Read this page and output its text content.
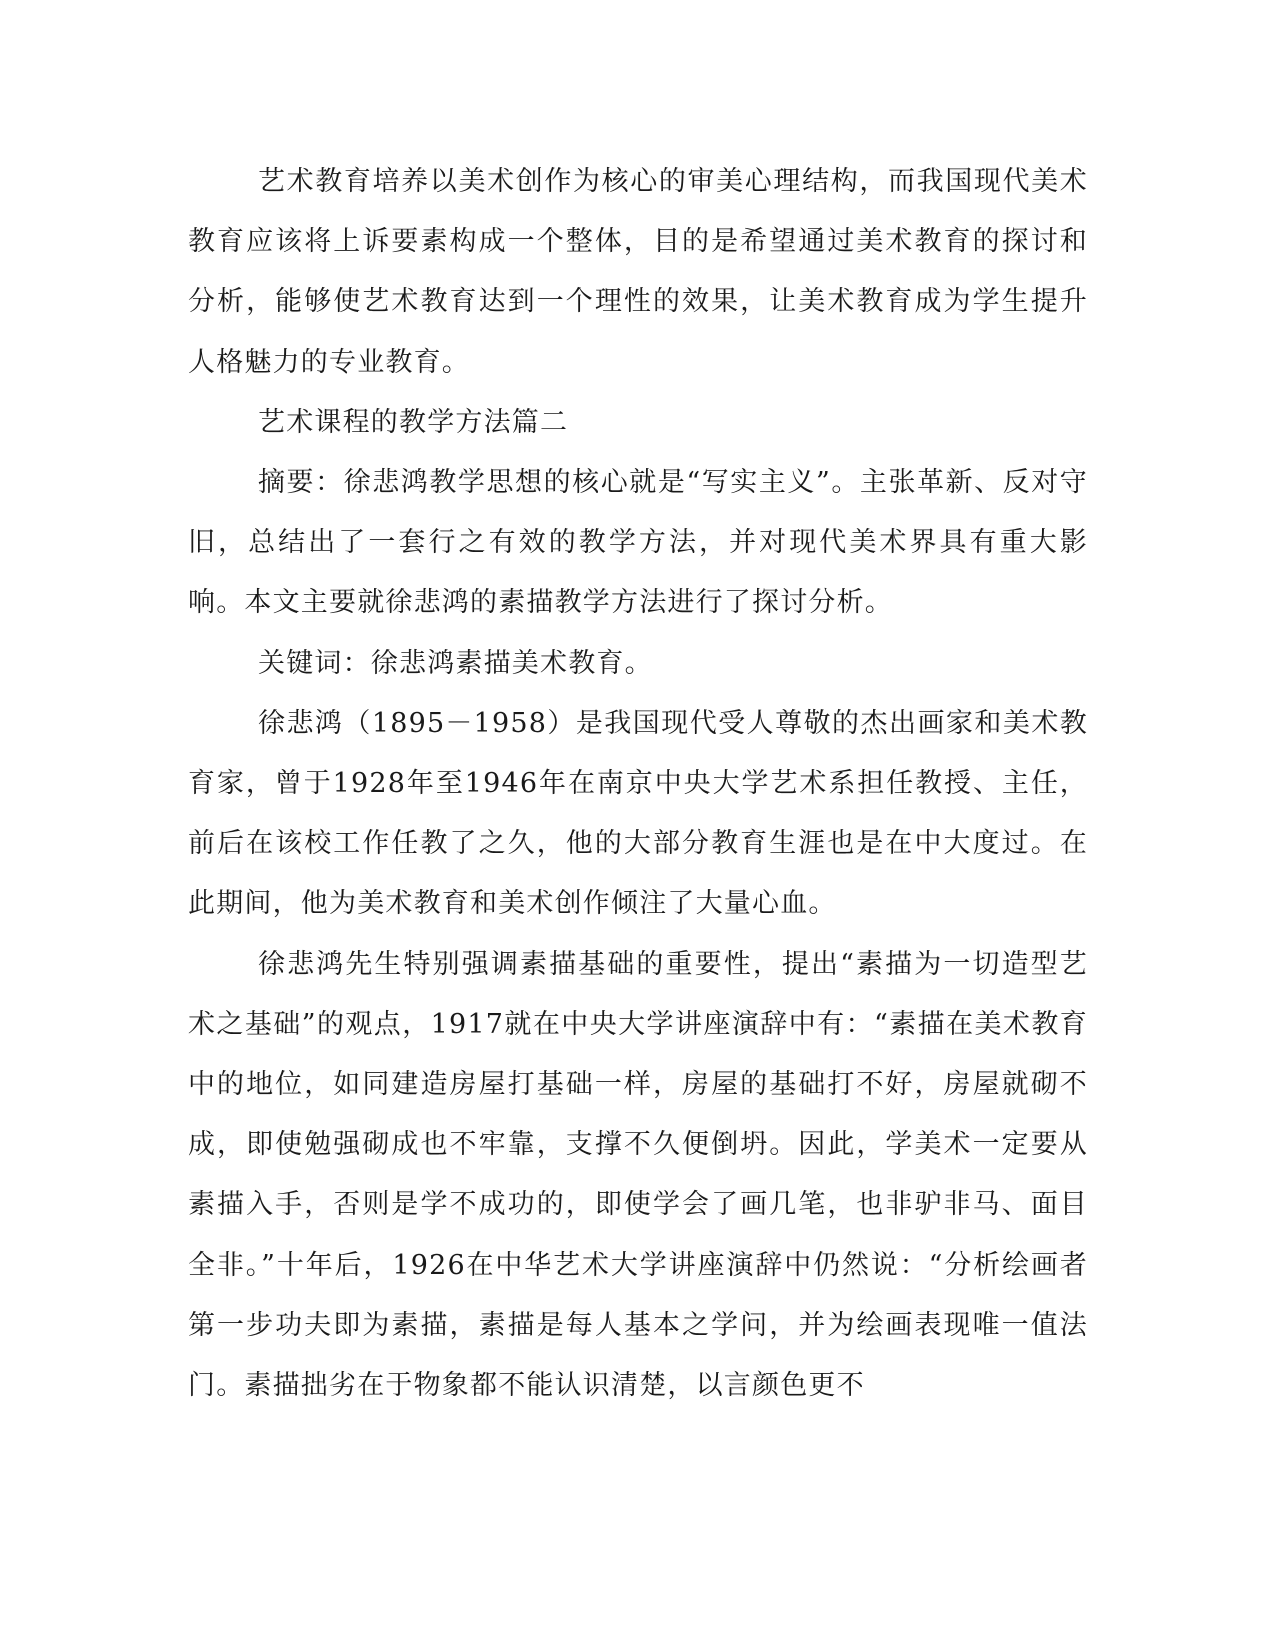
艺术教育培养以美术创作为核心的审美心理结构，而我国现代美术教育应该将上诉要素构成一个整体，目的是希望通过美术教育的探讨和分析，能够使艺术教育达到一个理性的效果，让美术教育成为学生提升人格魅力的专业教育。

艺术课程的教学方法篇二

摘要：徐悲鸿教学思想的核心就是“写实主义”。主张革新、反对守旧，总结出了一套行之有效的教学方法，并对现代美术界具有重大影响。本文主要就徐悲鸿的素描教学方法进行了探讨分析。

关键词：徐悲鸿素描美术教育。

徐悲鸿（1895－1958）是我国现代受人尊敬的杰出画家和美术教育家，曾于1928年至1946年在南京中央大学艺术系担任教授、主任，前后在该校工作任教了之久，他的大部分教育生涯也是在中大度过。在此期间，他为美术教育和美术创作倾注了大量心血。

徐悲鸿先生特别强调素描基础的重要性，提出“素描为一切造型艺术之基础”的观点，1917就在中央大学讲座演辞中有：“素描在美术教育中的地位，如同建造房屋打基础一样，房屋的基础打不好，房屋就砌不成，即使勉强砌成也不牢靠，支撑不久便倒坍。因此，学美术一定要从素描入手，否则是学不成功的，即使学会了画几笔，也非驴非马、面目全非。”十年后，1926在中华艺术大学讲座演辞中仍然说：“分析绘画者第一步功夫即为素描，素描是每人基本之学问，并为绘画表现唯一值法门。素描拙劣在于物象都不能认识清楚，以言颜色更不
